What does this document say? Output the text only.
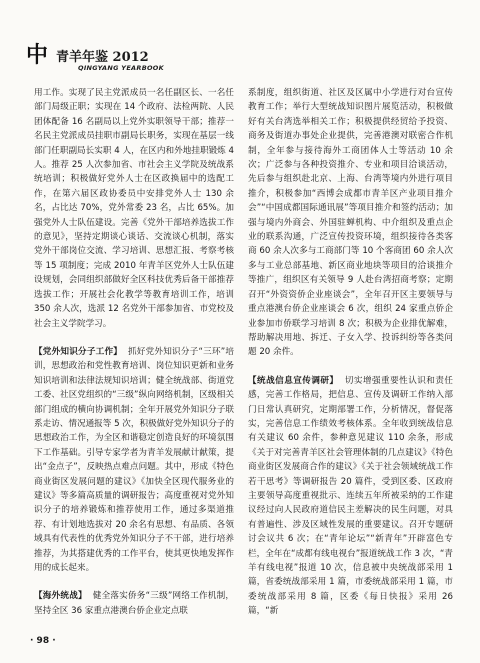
中 青羊年鉴 2012
QINGYANG YEARBOOK

用工作。实现了民主党派成员一名任副区长、一名任部门局级正职；实现在 14 个政府、法检两院、人民团体配备 16 名副局以上党外实职领导干部；推荐一名民主党派成员挂职市副局长职务，实现在基层一线部门任职副局长实职 4 人，在区内和外地挂职锻炼 4 人。推荐 25 人次参加省、市社会主义学院及统战系统培训；积极做好党外人士在区政换届中的选配工作，在第六届区政协委员中安排党外人士 130 余名，占比达 70%，党外常委 23 名，占比 65%。加强党外人士队伍建设。完善《党外干部培养选拔工作的意见》，坚持定期谈心谈话、交流谈心机制，落实党外干部岗位交流、学习培训、思想汇报、考察考核等 15 项制度；完成 2010 年青羊区党外人士队伍建设规划，会同组织部做好全区科技优秀后备干部推荐选拔工作；开展社会化教学等教育培训工作，培训 350 余人次，选派 12 名党外干部参加省、市党校及社会主义学院学习。

【党外知识分子工作】 抓好党外知识分子“三环”培训，思想政治和党性教育培训、岗位知识更新和业务知识培训和法律法规知识培训；健全统战部、街道党工委、社区党组织的“三级”纵向网络机制，区级相关部门组成的横向协调机制；全年开展党外知识分子联系走访、情况通报等 5 次，积极做好党外知识分子的思想政治工作，为全区和谐稳定创造良好的环境氛围下工作基础。引导专家学者为青羊发展献计献策，提出“金点子”，反映热点难点问题。其中，形成《特色商业街区发展问题的建议》《加快全区现代服务业的建议》等多篇高质量的调研报告；高度重视对党外知识分子的培养锻炼和推荐使用工作，通过多渠道推荐、有计划地选拔对 20 余名有思想、有品质、各领域具有代表性的优秀党外知识分子不干部，进行培养推荐，为其搭建优秀的工作平台，使其更快地发挥作用的成长起来。

【海外统战】 健全落实侨务“三级”网络工作机制，坚持全区 36 家重点港澳台侨企业定点联

系制度，组织街道、社区及区属中小学进行对台宣传教育工作；举行大型统战知识图片展览活动，积极做好有关台湾选举相关工作；积极提供经贸给予投资、商务及街道办事处企业提供，完善港澳对联密合作机制，全年参与接待海外工商团体人士等活动 10 余次；广泛参与各种投资推介、专业和项目洽谈活动，先后参与组织赴北京、上海、台湾等境内外进行项目推介，积极参加“西博会成都市青羊区产业项目推介会”“中国成都国际通讯展”等项目推介和签约活动；加强与境内外商会、外国驻蝉机构、中介组织及重点企业的联系沟通，广泛宣传投资环境，组织接待各类客商 60 余人次多与工商部门等 10 个客商团 60 余人次多与工业总部基地、新区商业地块等项目的洽谈推介等推广，组织区有关领导 9 人赴台湾招商考察；定期召开“外资资侨企业座谈会”，全年召开区主要领导与重点港澳台侨企业座谈会 6 次，组织 24 家重点侨企业参加市侨联学习培训 8 次；积极为企业排优解难，帮助解决用地、拆迁、子女入学、投诉纠纷等各类问题 20 余件。

【统战信息宣传调研】 切实增强重要性认识和责任感，完善工作格局，把信息、宣传及调研工作纳入部门日常认真研究，定期部署工作，分析情况，督促落实，完善信息工作绩效考核体系。全年收到统战信息有关建议 60 余件，参种意见建议 110 余条，形成《关于对完善青羊区社会管理体制的几点建议》《特色商业街区发展商合作的建议》《关于社会领域统战工作若干思考》等调研报告 20 篇件，受到区委、区政府主要领导高度重视批示、连续五年所被采纳的工作建议经过向人民政府道信民主差解决的民生问题，对具有普遍性、涉及区域性发展的重要建议。召开专题研讨会议共 6 次；在“青年论坛”“新青年”开辟富色专栏，全年在“成都有线电视台”报道统战工作 3 次，“青羊有线电视”报道 10 次，信息被中央统战部采用 1 篇，省委统战部采用 1 篇，市委统战部采用 1 篇，市委统战部采用 8 篇，区委《每日快报》采用 26 篇，“新

· 98 ·
